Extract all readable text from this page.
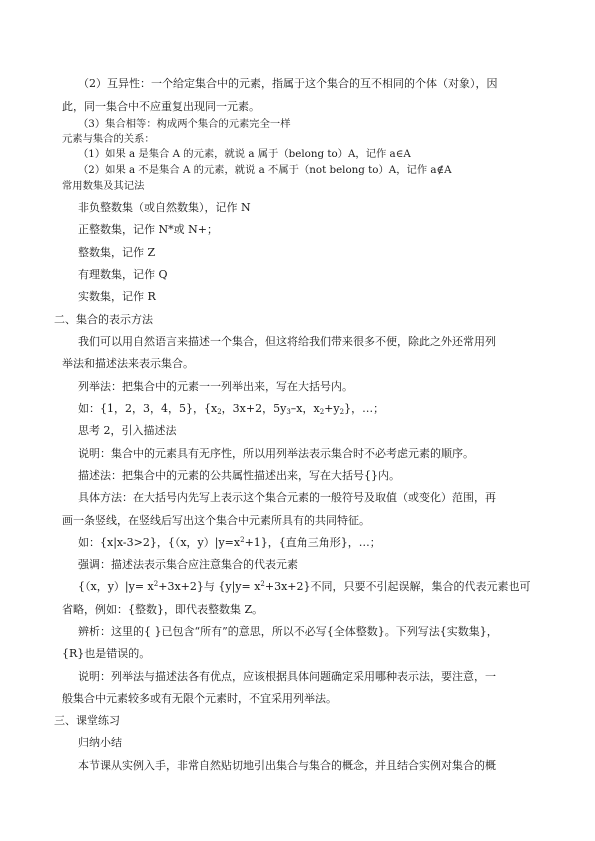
（2）互异性：一个给定集合中的元素，指属于这个集合的互不相同的个体（对象），因
此，同一集合中不应重复出现同一元素。
（3）集合相等：构成两个集合的元素完全一样
元素与集合的关系：
（1）如果 a 是集合 A 的元素，就说 a 属于（belong to）A，记作 a∈A
（2）如果 a 不是集合 A 的元素，就说 a 不属于（not belong to）A，记作 a∉A
常用数集及其记法
非负整数集（或自然数集），记作 N
正整数集，记作 N*或 N+；
整数集，记作 Z
有理数集，记作 Q
实数集，记作 R
二、集合的表示方法
我们可以用自然语言来描述一个集合，但这将给我们带来很多不便，除此之外还常用列
举法和描述法来表示集合。
列举法：把集合中的元素一一列举出来，写在大括号内。
如：{1，2，3，4，5}，{$x_2$，3x+2，$5y_3-x$，$x_2+y_2$}，…；
思考 2，引入描述法
说明：集合中的元素具有无序性，所以用列举法表示集合时不必考虑元素的顺序。
描述法：把集合中的元素的公共属性描述出来，写在大括号{}内。
具体方法：在大括号内先写上表示这个集合元素的一般符号及取值（或变化）范围，再
画一条竖线，在竖线后写出这个集合中元素所具有的共同特征。
如：{x|x-3>2}，{（x，$y)|y=x^2+1$}，{直角三角形}，…；
强调：描述法表示集合应注意集合的代表元素
{（x，$y)|y= x^2+3x+2$}与 $\{y|y= x^2+3x+2\}$不同，只要不引起误解，集合的代表元素也可
省略，例如：{整数}，即代表整数集 Z。
辨析：这里的{ }已包含“所有”的意思，所以不必写{全体整数}。下列写法{实数集}，
{R}也是错误的。
说明：列举法与描述法各有优点，应该根据具体问题确定采用哪种表示法，要注意，一
般集合中元素较多或有无限个元素时，不宜采用列举法。
三、课堂练习
归纳小结
本节课从实例入手，非常自然贴切地引出集合与集合的概念，并且结合实例对集合的概
